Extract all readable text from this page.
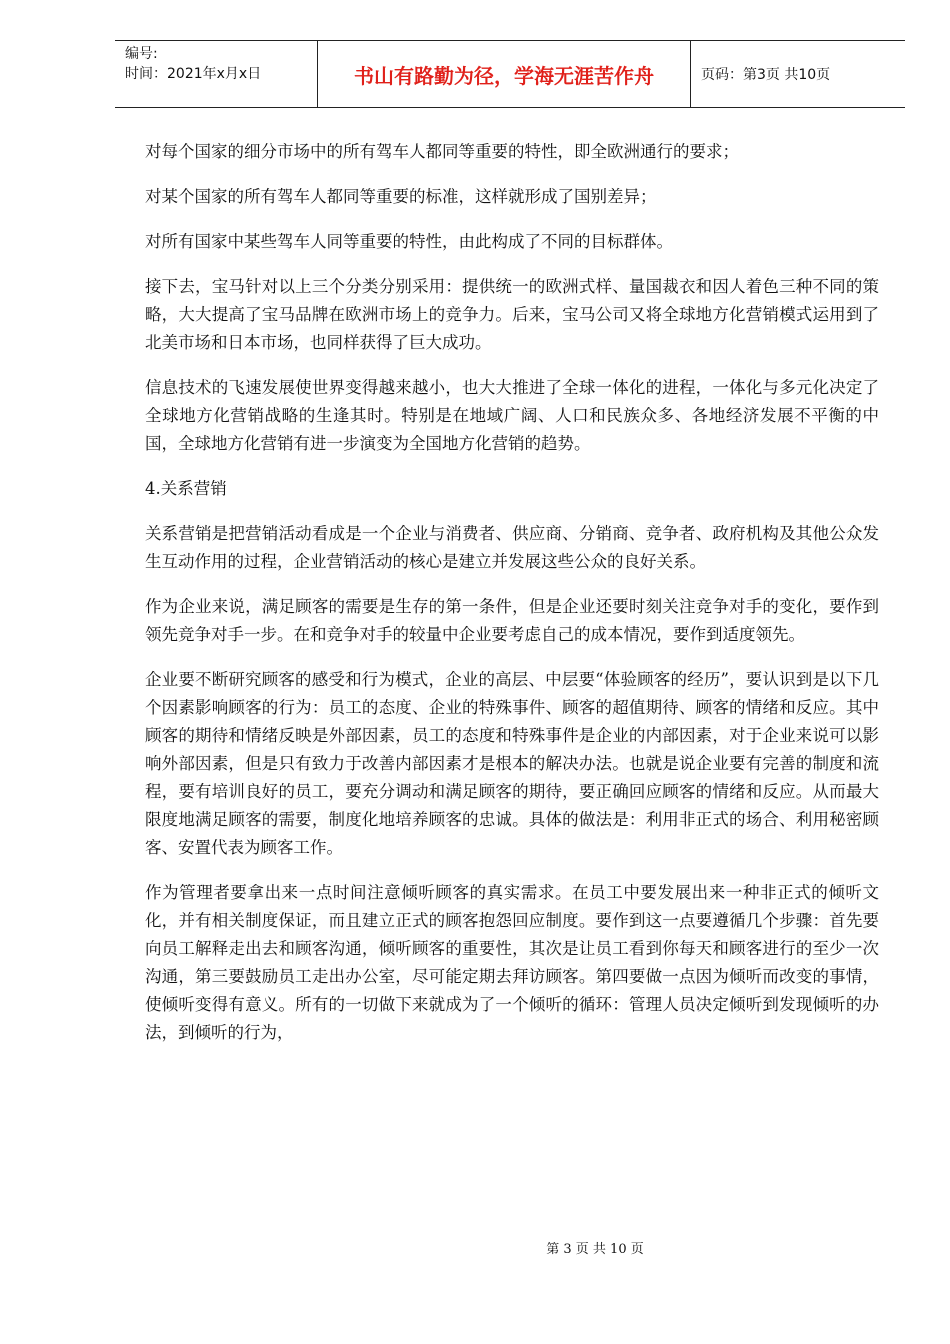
编号:
时间：2021年x月x日	书山有路勤为径，学海无涯苦作舟	页码：第3页 共10页

对每个国家的细分市场中的所有驾车人都同等重要的特性，即全欧洲通行的要求；

对某个国家的所有驾车人都同等重要的标准，这样就形成了国别差异；

对所有国家中某些驾车人同等重要的特性，由此构成了不同的目标群体。

接下去，宝马针对以上三个分类分别采用：提供统一的欧洲式样、量国裁衣和因人着色三种不同的策略，大大提高了宝马品牌在欧洲市场上的竞争力。后来，宝马公司又将全球地方化营销模式运用到了北美市场和日本市场，也同样获得了巨大成功。

信息技术的飞速发展使世界变得越来越小，也大大推进了全球一体化的进程，一体化与多元化决定了全球地方化营销战略的生逢其时。特别是在地域广阔、人口和民族众多、各地经济发展不平衡的中国，全球地方化营销有进一步演变为全国地方化营销的趋势。

4.关系营销

关系营销是把营销活动看成是一个企业与消费者、供应商、分销商、竞争者、政府机构及其他公众发生互动作用的过程，企业营销活动的核心是建立并发展这些公众的良好关系。

作为企业来说，满足顾客的需要是生存的第一条件，但是企业还要时刻关注竞争对手的变化，要作到领先竞争对手一步。在和竞争对手的较量中企业要考虑自己的成本情况，要作到适度领先。

企业要不断研究顾客的感受和行为模式，企业的高层、中层要“体验顾客的经历”，要认识到是以下几个因素影响顾客的行为：员工的态度、企业的特殊事件、顾客的超值期待、顾客的情绪和反应。其中顾客的期待和情绪反映是外部因素，员工的态度和特殊事件是企业的内部因素，对于企业来说可以影响外部因素，但是只有致力于改善内部因素才是根本的解决办法。也就是说企业要有完善的制度和流程，要有培训良好的员工，要充分调动和满足顾客的期待，要正确回应顾客的情绪和反应。从而最大限度地满足顾客的需要，制度化地培养顾客的忠诚。具体的做法是：利用非正式的场合、利用秘密顾客、安置代表为顾客工作。

作为管理者要拿出来一点时间注意倾听顾客的真实需求。在员工中要发展出来一种非正式的倾听文化，并有相关制度保证，而且建立正式的顾客抱怨回应制度。要作到这一点要遵循几个步骤：首先要向员工解释走出去和顾客沟通，倾听顾客的重要性，其次是让员工看到你每天和顾客进行的至少一次沟通，第三要鼓励员工走出办公室，尽可能定期去拜访顾客。第四要做一点因为倾听而改变的事情，使倾听变得有意义。所有的一切做下来就成为了一个倾听的循环：管理人员决定倾听到发现倾听的办法，到倾听的行为，

第 3 页 共 10 页
